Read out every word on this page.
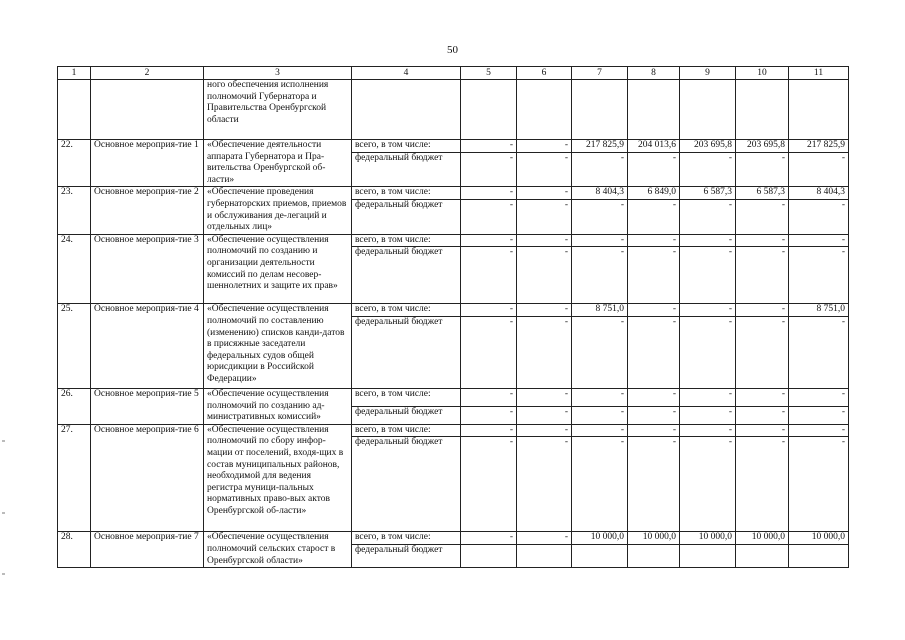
50
1	2	3	4	5	6	7	8	9	10	11
		ного обеспечения исполнения полномочий Губернатора и Правительства Оренбургской области								
22.	Основное мероприя-тие 1	«Обеспечение деятельности аппарата Губернатора и Пра-вительства Оренбургской об-ласти»	всего, в том числе:	-	-	217 825,9	204 013,6	203 695,8	203 695,8	217 825,9
			федеральный бюджет	-	-	-	-	-	-	-
23.	Основное мероприя-тие 2	«Обеспечение проведения губернаторских приемов, приемов и обслуживания де-легаций и отдельных лиц»	всего, в том числе:	-	-	8 404,3	6 849,0	6 587,3	6 587,3	8 404,3
			федеральный бюджет	-	-	-	-	-	-	-
24.	Основное мероприя-тие 3	«Обеспечение осуществления полномочий по созданию и организации деятельности комиссий по делам несовер-шеннолетних и защите их прав»	всего, в том числе:	-	-	-	-	-	-	-
			федеральный бюджет	-	-	-	-	-	-	-
25.	Основное мероприя-тие 4	«Обеспечение осуществления полномочий по составлению (изменению) списков канди-датов в присяжные заседатели федеральных судов общей юрисдикции в Российской Федерации»	всего, в том числе:	-	-	8 751,0	-	-	-	8 751,0
			федеральный бюджет	-	-	-	-	-	-	-
26.	Основное мероприя-тие 5	«Обеспечение осуществления полномочий по созданию ад-министративных комиссий»	всего, в том числе:	-	-	-	-	-	-	-
			федеральный бюджет	-	-	-	-	-	-	-
27.	Основное мероприя-тие 6	«Обеспечение осуществления полномочий по сбору инфор-мации от поселений, входя-щих в состав муниципальных районов, необходимой для ведения регистра муници-пальных нормативных право-вых актов Оренбургской об-ласти»	всего, в том числе:	-	-	-	-	-	-	-
			федеральный бюджет	-	-	-	-	-	-	-
28.	Основное мероприя-тие 7	«Обеспечение осуществления полномочий сельских старост в Оренбургской области»	всего, в том числе:	-	-	10 000,0	10 000,0	10 000,0	10 000,0	10 000,0
			федеральный бюджет							
